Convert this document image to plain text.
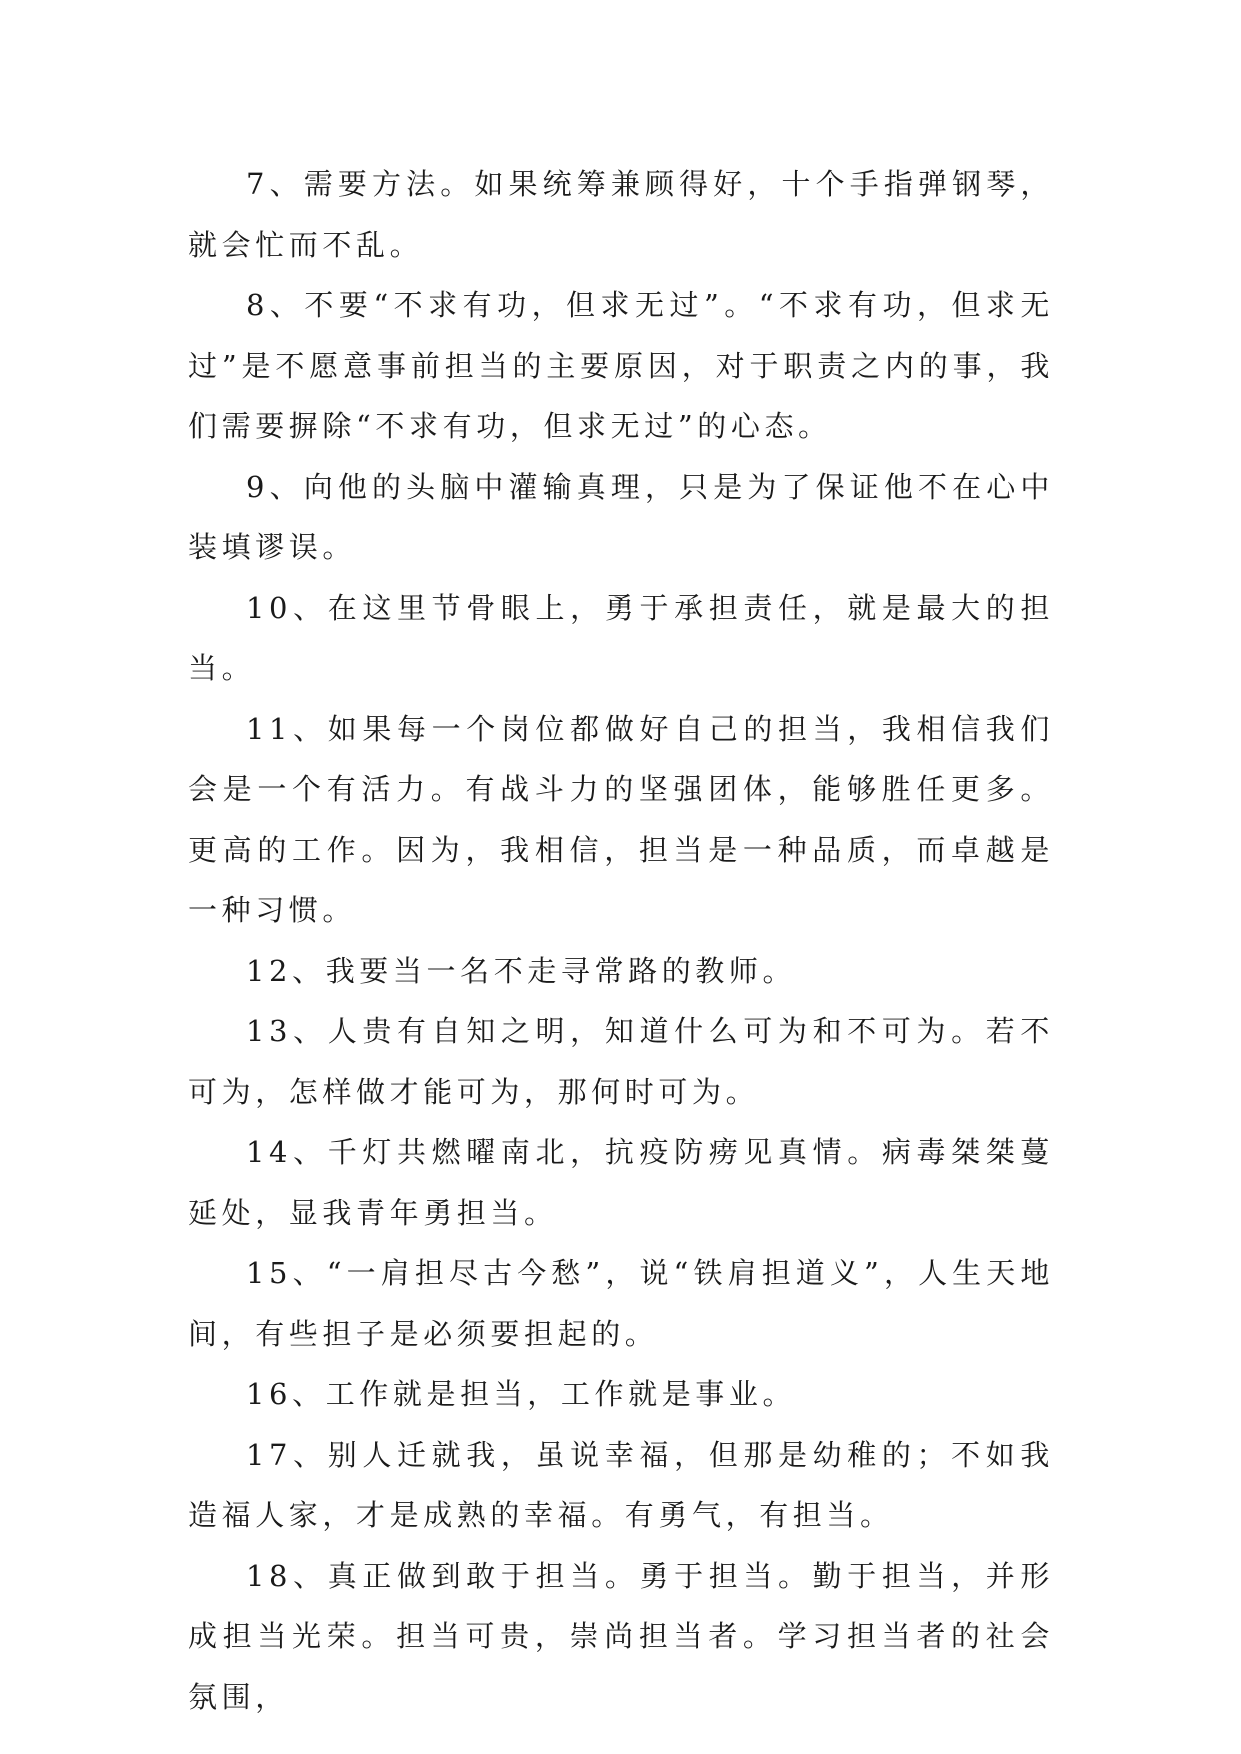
7、需要方法。如果统筹兼顾得好，十个手指弹钢琴，就会忙而不乱。

8、不要“不求有功，但求无过”。“不求有功，但求无过”是不愿意事前担当的主要原因，对于职责之内的事，我们需要摒除“不求有功，但求无过”的心态。

9、向他的头脑中灌输真理，只是为了保证他不在心中装填谬误。

10、在这里节骨眼上，勇于承担责任，就是最大的担当。

11、如果每一个岗位都做好自己的担当，我相信我们会是一个有活力。有战斗力的坚强团体，能够胜任更多。更高的工作。因为，我相信，担当是一种品质，而卓越是一种习惯。

12、我要当一名不走寻常路的教师。

13、人贵有自知之明，知道什么可为和不可为。若不可为，怎样做才能可为，那何时可为。

14、千灯共燃曜南北，抗疫防痨见真情。病毒桀桀蔓延处，显我青年勇担当。

15、“一肩担尽古今愁”，说“铁肩担道义”，人生天地间，有些担子是必须要担起的。

16、工作就是担当，工作就是事业。

17、别人迁就我，虽说幸福，但那是幼稚的；不如我造福人家，才是成熟的幸福。有勇气，有担当。

18、真正做到敢于担当。勇于担当。勤于担当，并形成担当光荣。担当可贵，崇尚担当者。学习担当者的社会氛围，
